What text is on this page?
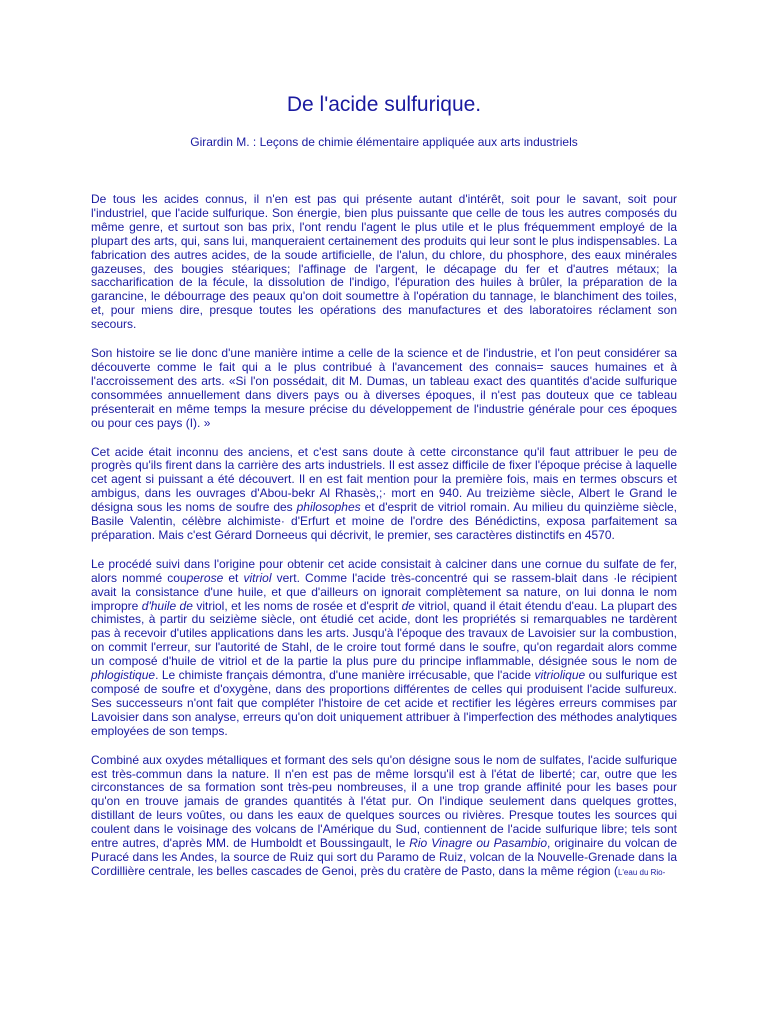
De l'acide sulfurique.

Girardin M. : Leçons de chimie élémentaire appliquée aux arts industriels

De tous les acides connus, il n'en est pas qui présente autant d'intérêt, soit pour le savant, soit pour l'industriel, que l'acide sulfurique. Son énergie, bien plus puissante que celle de tous les autres composés du même genre, et surtout son bas prix, l'ont rendu l'agent le plus utile et le plus fréquemment employé de la plupart des arts, qui, sans lui, manqueraient certainement des produits qui leur sont le plus indispensables. La fabrication des autres acides, de la soude artificielle, de l'alun, du chlore, du phosphore, des eaux minérales gazeuses, des bougies stéariques; l'affinage de l'argent, le décapage du fer et d'autres métaux; la saccharification de la fécule, la dissolution de l'indigo, l'épuration des huiles à brûler, la préparation de la garancine, le débourrage des peaux qu'on doit soumettre à l'opération du tannage, le blanchiment des toiles, et, pour miens dire, presque toutes les opérations des manufactures et des laboratoires réclament son secours.

Son histoire se lie donc d'une manière intime a celle de la science et de l'industrie, et l'on peut considérer sa découverte comme le fait qui a le plus contribué à l'avancement des connais= sauces humaines et à l'accroissement des arts. «Si l'on possédait, dit M. Dumas, un tableau exact des quantités d'acide sulfurique consommées annuellement dans divers pays ou à diverses époques, il n'est pas douteux que ce tableau présenterait en même temps la mesure précise du développement de l'industrie générale pour ces époques ou pour ces pays (I). »

Cet acide était inconnu des anciens, et c'est sans doute à cette circonstance qu'il faut attribuer le peu de progrès qu'ils firent dans la carrière des arts industriels. Il est assez difficile de fixer l'époque précise à laquelle cet agent si puissant a été découvert. Il en est fait mention pour la première fois, mais en termes obscurs et ambigus, dans les ouvrages d'Abou-bekr Al Rhasès,;· mort en 940. Au treizième siècle, Albert le Grand le désigna sous les noms de soufre des philosophes et d'esprit de vitriol romain. Au milieu du quinzième siècle, Basile Valentin, célèbre alchimiste· d'Erfurt et moine de l'ordre des Bénédictins, exposa parfaitement sa préparation. Mais c'est Gérard Dorneeus qui décrivit, le premier, ses caractères distinctifs en 4570.

Le procédé suivi dans l'origine pour obtenir cet acide consistait à calciner dans une cornue du sulfate de fer, alors nommé couperose et vitriol vert. Comme l'acide très-concentré qui se rassem-blait dans ·le récipient avait la consistance d'une huile, et que d'ailleurs on ignorait complètement sa nature, on lui donna le nom impropre d'huile de vitriol, et les noms de rosée et d'esprit de vitriol, quand il était étendu d'eau. La plupart des chimistes, à partir du seizième siècle, ont étudié cet acide, dont les propriétés si remarquables ne tardèrent pas à recevoir d'utiles applications dans les arts. Jusqu'à l'époque des travaux de Lavoisier sur la combustion, on commit l'erreur, sur l'autorité de Stahl, de le croire tout formé dans le soufre, qu'on regardait alors comme un composé d'huile de vitriol et de la partie la plus pure du principe inflammable, désignée sous le nom de phlogistique. Le chimiste français démontra, d'une manière irrécusable, que l'acide vitriolique ou sulfurique est composé de soufre et d'oxygène, dans des proportions différentes de celles qui produisent l'acide sulfureux. Ses successeurs n'ont fait que compléter l'histoire de cet acide et rectifier les légères erreurs commises par Lavoisier dans son analyse, erreurs qu'on doit uniquement attribuer à l'imperfection des méthodes analytiques employées de son temps.

Combiné aux oxydes métalliques et formant des sels qu'on désigne sous le nom de sulfates, l'acide sulfurique est très-commun dans la nature. Il n'en est pas de même lorsqu'il est à l'état de liberté; car, outre que les circonstances de sa formation sont très-peu nombreuses, il a une trop grande affinité pour les bases pour qu'on en trouve jamais de grandes quantités à l'état pur. On l'indique seulement dans quelques grottes, distillant de leurs voûtes, ou dans les eaux de quelques sources ou rivières. Presque toutes les sources qui coulent dans le voisinage des volcans de l'Amérique du Sud, contiennent de l'acide sulfurique libre; tels sont entre autres, d'après MM. de Humboldt et Boussingault, le Rio Vinagre ou Pasambio, originaire du volcan de Puracé dans les Andes, la source de Ruiz qui sort du Paramo de Ruiz, volcan de la Nouvelle-Grenade dans la Cordillière centrale, les belles cascades de Genoi, près du cratère de Pasto, dans la même région (L'eau du Rio-
